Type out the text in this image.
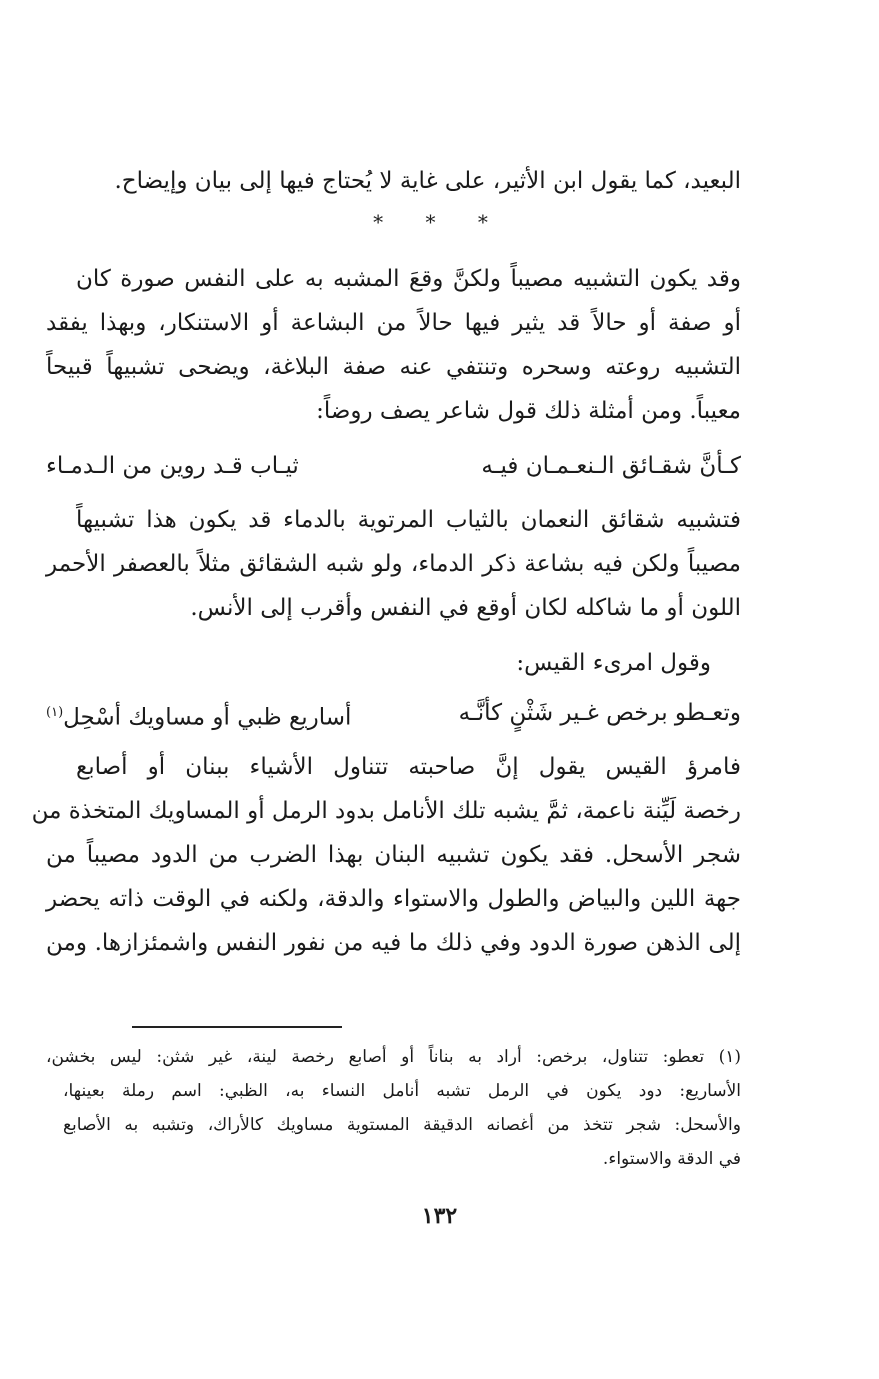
البعيد، كما يقول ابن الأثير، على غاية لا يُحتاج فيها إلى بيان وإيضاح.
* * *
وقد يكون التشبيه مصيباً ولكنَّ وقعَ المشبه به على النفس صورة كان
أو صفة أو حالاً قد يثير فيها حالاً من البشاعة أو الاستنكار، وبهذا يفقد
التشبيه روعته وسحره وتنتفي عنه صفة البلاغة، ويضحى تشبيهاً قبيحاً
معيباً. ومن أمثلة ذلك قول شاعر يصف روضاً:
كـأنَّ شقـائق الـنعـمـان فيـه
ثيـاب قـد روين من الـدمـاء
فتشبيه شقائق النعمان بالثياب المرتوية بالدماء قد يكون هذا تشبيهاً
مصيباً ولكن فيه بشاعة ذكر الدماء، ولو شبه الشقائق مثلاً بالعصفر الأحمر
اللون أو ما شاكله لكان أوقع في النفس وأقرب إلى الأنس.
وقول امرىء القيس:
وتعـطو برخص غـير شَثْنٍ كأنَّـه
أساريع ظبي أو مساويك أسْحِل$^{(١)}$
فامرؤ القيس يقول إنَّ صاحبته تتناول الأشياء ببنان أو أصابع
رخصة لَيِّنة ناعمة، ثمَّ يشبه تلك الأنامل بدود الرمل أو المساويك المتخذة من
شجر الأسحل. فقد يكون تشبيه البنان بهذا الضرب من الدود مصيباً من
جهة اللين والبياض والطول والاستواء والدقة، ولكنه في الوقت ذاته يحضر
إلى الذهن صورة الدود وفي ذلك ما فيه من نفور النفس واشمئزازها. ومن
(١) تعطو: تتناول، برخص: أراد به بناناً أو أصابع رخصة لينة، غير شثن: ليس بخشن،
الأساريع: دود يكون في الرمل تشبه أنامل النساء به، الظبي: اسم رملة بعينها،
والأسحل: شجر تتخذ من أغصانه الدقيقة المستوية مساويك كالأراك، وتشبه به الأصابع
في الدقة والاستواء.
١٣٢
